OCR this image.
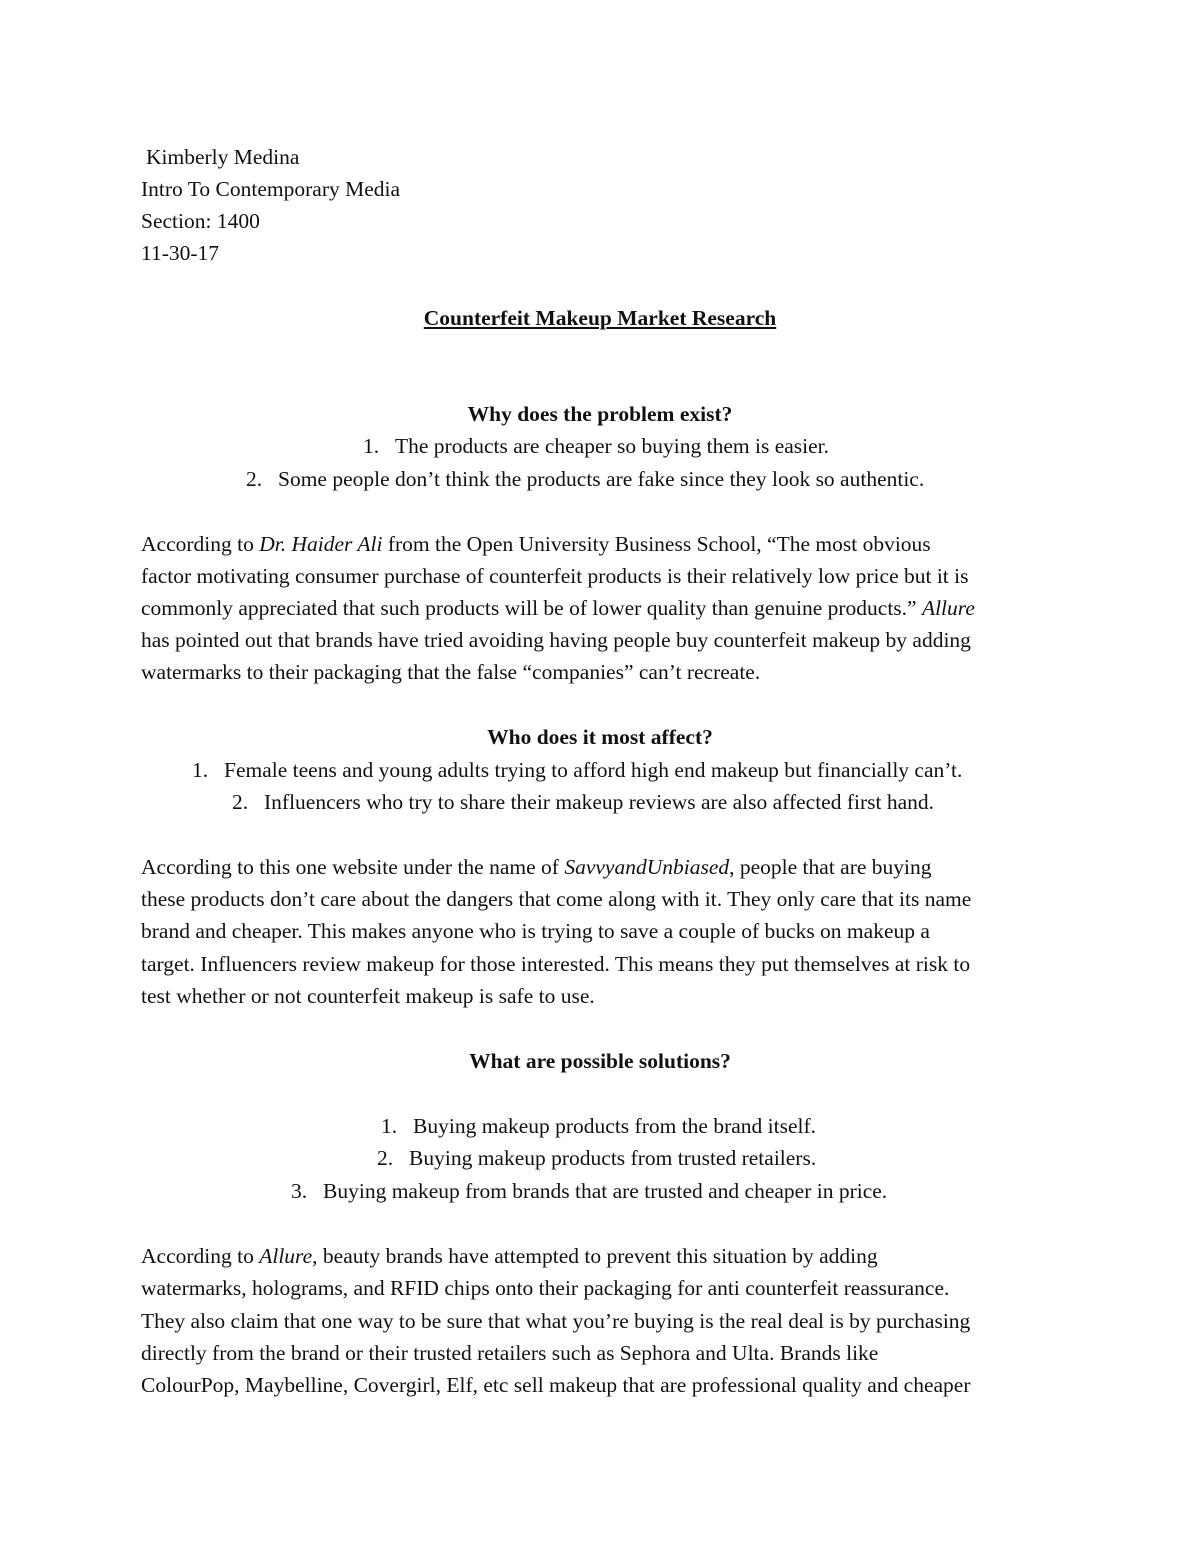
Kimberly Medina
Intro To Contemporary Media
Section: 1400
11-30-17
Counterfeit Makeup Market Research
Why does the problem exist?
1. The products are cheaper so buying them is easier.
2. Some people don’t think the products are fake since they look so authentic.
According to Dr. Haider Ali from the Open University Business School, “The most obvious
factor motivating consumer purchase of counterfeit products is their relatively low price but it is
commonly appreciated that such products will be of lower quality than genuine products.” Allure
has pointed out that brands have tried avoiding having people buy counterfeit makeup by adding
watermarks to their packaging that the false “companies” can’t recreate.
Who does it most affect?
1. Female teens and young adults trying to afford high end makeup but financially can’t.
2. Influencers who try to share their makeup reviews are also affected first hand.
According to this one website under the name of SavvyandUnbiased, people that are buying
these products don’t care about the dangers that come along with it. They only care that its name
brand and cheaper. This makes anyone who is trying to save a couple of bucks on makeup a
target. Influencers review makeup for those interested. This means they put themselves at risk to
test whether or not counterfeit makeup is safe to use.
What are possible solutions?
1. Buying makeup products from the brand itself.
2. Buying makeup products from trusted retailers.
3. Buying makeup from brands that are trusted and cheaper in price.
According to Allure, beauty brands have attempted to prevent this situation by adding
watermarks, holograms, and RFID chips onto their packaging for anti counterfeit reassurance.
They also claim that one way to be sure that what you’re buying is the real deal is by purchasing
directly from the brand or their trusted retailers such as Sephora and Ulta. Brands like
ColourPop, Maybelline, Covergirl, Elf, etc sell makeup that are professional quality and cheaper
